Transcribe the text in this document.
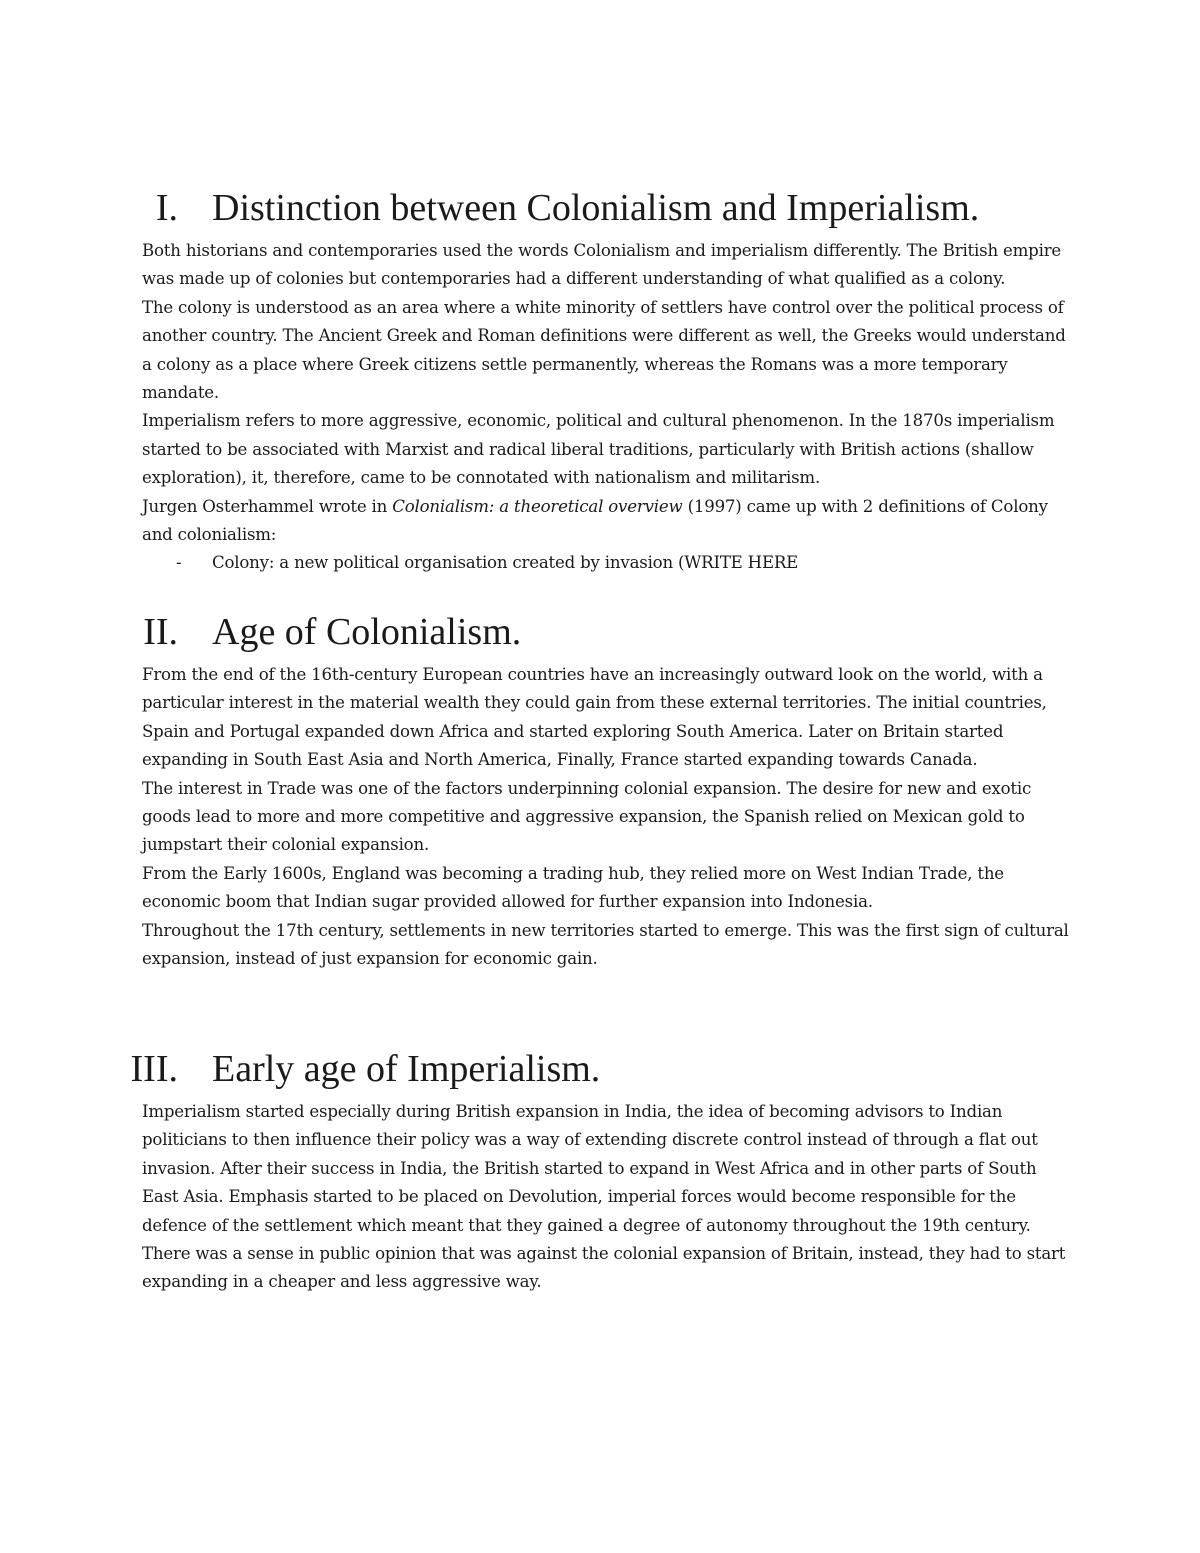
I. Distinction between Colonialism and Imperialism.

Both historians and contemporaries used the words Colonialism and imperialism differently. The British empire was made up of colonies but contemporaries had a different understanding of what qualified as a colony.

The colony is understood as an area where a white minority of settlers have control over the political process of another country. The Ancient Greek and Roman definitions were different as well, the Greeks would understand a colony as a place where Greek citizens settle permanently, whereas the Romans was a more temporary mandate.

Imperialism refers to more aggressive, economic, political and cultural phenomenon. In the 1870s imperialism started to be associated with Marxist and radical liberal traditions, particularly with British actions (shallow exploration), it, therefore, came to be connotated with nationalism and militarism.

Jurgen Osterhammel wrote in Colonialism: a theoretical overview (1997) came up with 2 definitions of Colony and colonialism:

- Colony: a new political organisation created by invasion (WRITE HERE
II. Age of Colonialism.

From the end of the 16th-century European countries have an increasingly outward look on the world, with a particular interest in the material wealth they could gain from these external territories. The initial countries, Spain and Portugal expanded down Africa and started exploring South America. Later on Britain started expanding in South East Asia and North America, Finally, France started expanding towards Canada.

The interest in Trade was one of the factors underpinning colonial expansion. The desire for new and exotic goods lead to more and more competitive and aggressive expansion, the Spanish relied on Mexican gold to jumpstart their colonial expansion.

From the Early 1600s, England was becoming a trading hub, they relied more on West Indian Trade, the economic boom that Indian sugar provided allowed for further expansion into Indonesia.

Throughout the 17th century, settlements in new territories started to emerge. This was the first sign of cultural expansion, instead of just expansion for economic gain.

III. Early age of Imperialism.

Imperialism started especially during British expansion in India, the idea of becoming advisors to Indian politicians to then influence their policy was a way of extending discrete control instead of through a flat out invasion. After their success in India, the British started to expand in West Africa and in other parts of South East Asia. Emphasis started to be placed on Devolution, imperial forces would become responsible for the defence of the settlement which meant that they gained a degree of autonomy throughout the 19th century.

There was a sense in public opinion that was against the colonial expansion of Britain, instead, they had to start expanding in a cheaper and less aggressive way.
